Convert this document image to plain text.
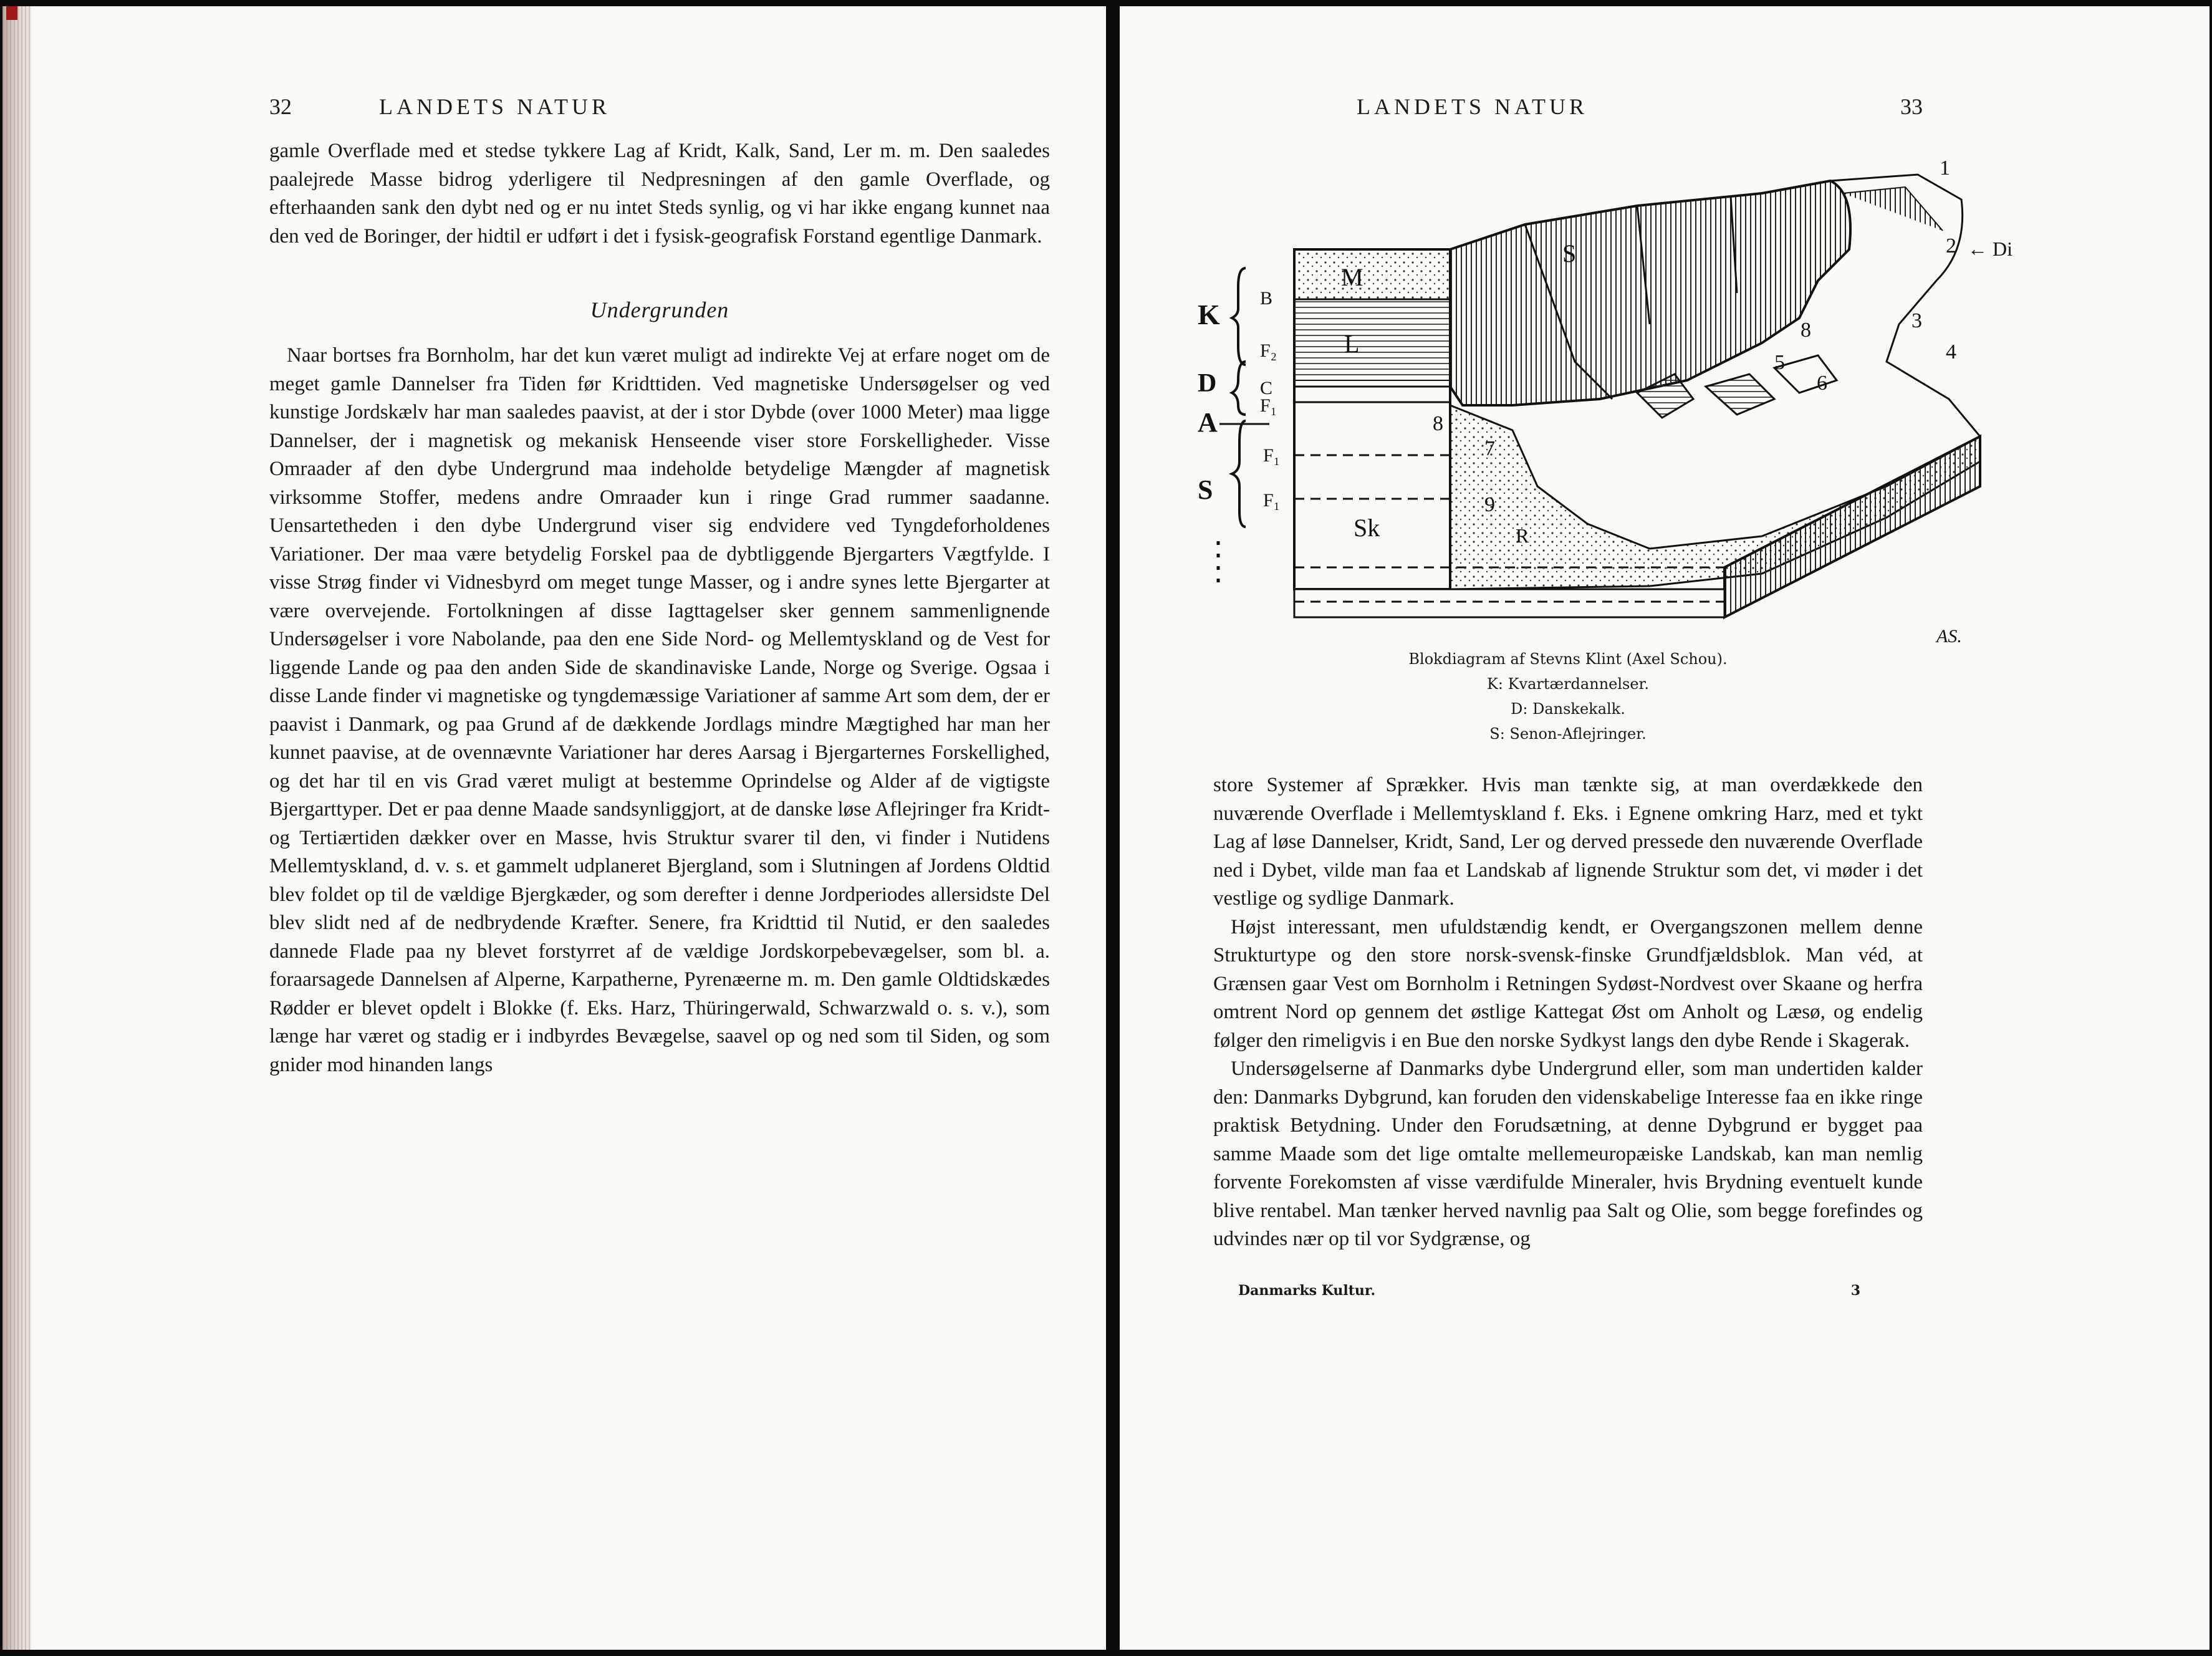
32	LANDETS NATUR

gamle Overflade med et stedse tykkere Lag af Kridt, Kalk, Sand, Ler m. m. Den saaledes paalejrede Masse bidrog yderligere til Nedpresningen af den gamle Overflade, og efterhaanden sank den dybt ned og er nu intet Steds synlig, og vi har ikke engang kunnet naa den ved de Boringer, der hidtil er udført i det i fysisk-geografisk Forstand egentlige Danmark.

Undergrunden

Naar bortses fra Bornholm, har det kun været muligt ad indirekte Vej at erfare noget om de meget gamle Dannelser fra Tiden før Kridttiden. Ved magnetiske Undersøgelser og ved kunstige Jordskælv har man saaledes paavist, at der i stor Dybde (over 1000 Meter) maa ligge Dannelser, der i magnetisk og mekanisk Henseende viser store Forskelligheder. Visse Omraader af den dybe Undergrund maa indeholde betydelige Mængder af magnetisk virksomme Stoffer, medens andre Omraader kun i ringe Grad rummer saadanne. Uensartetheden i den dybe Undergrund viser sig endvidere ved Tyngdeforholdenes Variationer. Der maa være betydelig Forskel paa de dybtliggende Bjergarters Vægtfylde. I visse Strøg finder vi Vidnesbyrd om meget tunge Masser, og i andre synes lette Bjergarter at være overvejende. Fortolkningen af disse Iagttagelser sker gennem sammenlignende Undersøgelser i vore Nabolande, paa den ene Side Nord- og Mellemtyskland og de Vest for liggende Lande og paa den anden Side de skandinaviske Lande, Norge og Sverige. Ogsaa i disse Lande finder vi magnetiske og tyngdemæssige Variationer af samme Art som dem, der er paavist i Danmark, og paa Grund af de dækkende Jordlags mindre Mægtighed har man her kunnet paavise, at de ovennævnte Variationer har deres Aarsag i Bjergarternes Forskellighed, og det har til en vis Grad været muligt at bestemme Oprindelse og Alder af de vigtigste Bjergarttyper. Det er paa denne Maade sandsynliggjort, at de danske løse Aflejringer fra Kridt- og Tertiærtiden dækker over en Masse, hvis Struktur svarer til den, vi finder i Nutidens Mellemtyskland, d. v. s. et gammelt udplaneret Bjergland, som i Slutningen af Jordens Oldtid blev foldet op til de vældige Bjergkæder, og som derefter i denne Jordperiodes allersidste Del blev slidt ned af de nedbrydende Kræfter. Senere, fra Kridttid til Nutid, er den saaledes dannede Flade paa ny blevet forstyrret af de vældige Jordskorpebevægelser, som bl. a. foraarsagede Dannelsen af Alperne, Karpatherne, Pyrenæerne m. m. Den gamle Oldtidskædes Rødder er blevet opdelt i Blokke (f. Eks. Harz, Thüringerwald, Schwarzwald o. s. v.), som længe har været og stadig er i indbyrdes Bevægelse, saavel op og ned som til Siden, og som gnider mod hinanden langs

LANDETS NATUR	33
K
D
A
S
B
F₂
C
F₁
F₁
F₁
M
L
S
Sk	R
1
2
3
4
5
6
7
8
9
8
← Di
AS.
Blokdiagram af Stevns Klint (Axel Schou).
K: Kvartærdannelser.
D: Danskekalk.
S: Senon-Aflejringer.

store Systemer af Sprækker. Hvis man tænkte sig, at man overdækkede den nuværende Overflade i Mellemtyskland f. Eks. i Egnene omkring Harz, med et tykt Lag af løse Dannelser, Kridt, Sand, Ler og derved pressede den nuværende Overflade ned i Dybet, vilde man faa et Landskab af lignende Struktur som det, vi møder i det vestlige og sydlige Danmark.

Højst interessant, men ufuldstændig kendt, er Overgangszonen mellem denne Strukturtype og den store norsk-svensk-finske Grundfjældsblok. Man véd, at Grænsen gaar Vest om Bornholm i Retningen Sydøst-Nordvest over Skaane og herfra omtrent Nord op gennem det østlige Kattegat Øst om Anholt og Læsø, og endelig følger den rimeligvis i en Bue den norske Sydkyst langs den dybe Rende i Skagerak.

Undersøgelserne af Danmarks dybe Undergrund eller, som man undertiden kalder den: Danmarks Dybgrund, kan foruden den videnskabelige Interesse faa en ikke ringe praktisk Betydning. Under den Forudsætning, at denne Dybgrund er bygget paa samme Maade som det lige omtalte mellemeuropæiske Landskab, kan man nemlig forvente Forekomsten af visse værdifulde Mineraler, hvis Brydning eventuelt kunde blive rentabel. Man tænker herved navnlig paa Salt og Olie, som begge forefindes og udvindes nær op til vor Sydgrænse, og

Danmarks Kultur.	3
